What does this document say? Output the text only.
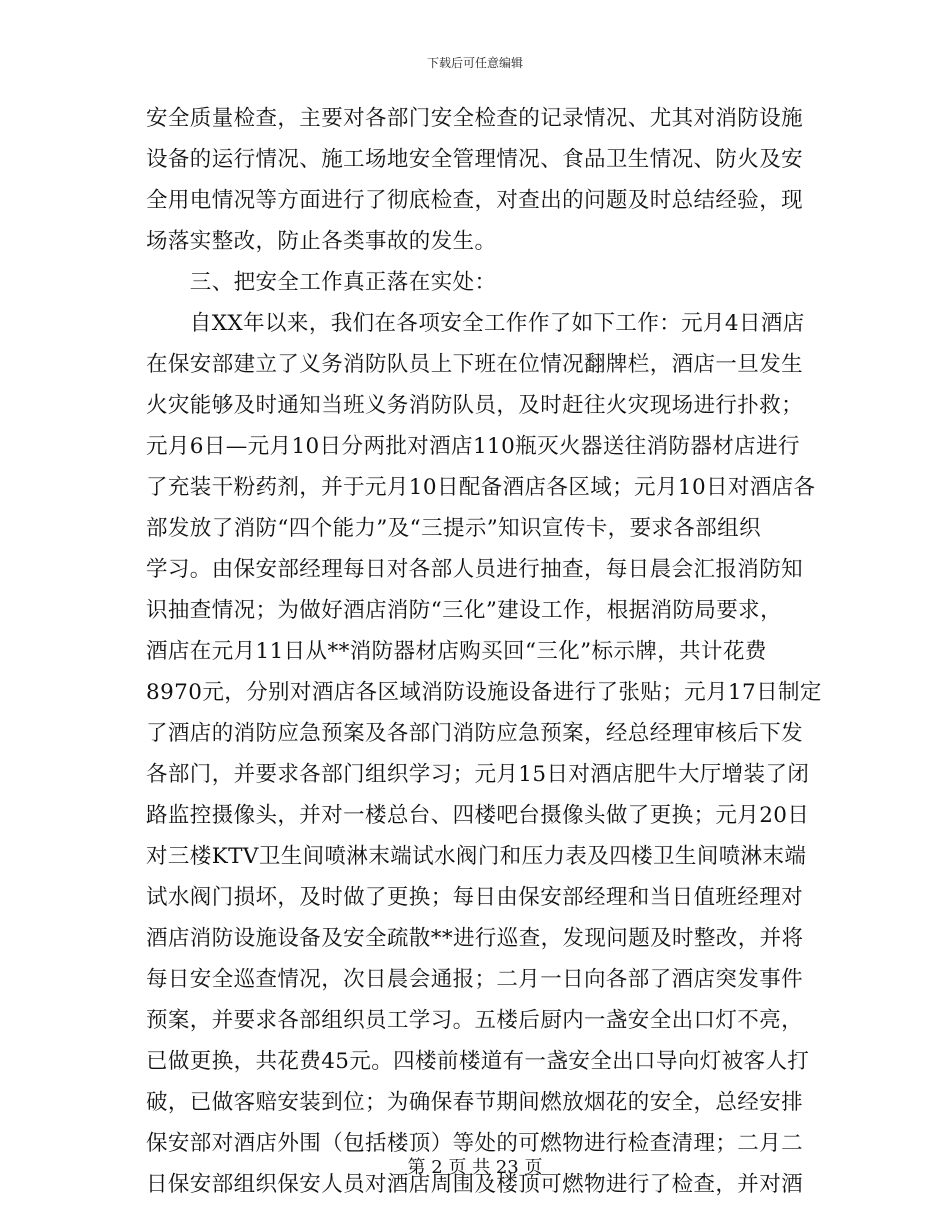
下载后可任意编辑
安全质量检查，主要对各部门安全检查的记录情况、尤其对消防设施
设备的运行情况、施工场地安全管理情况、食品卫生情况、防火及安
全用电情况等方面进行了彻底检查，对查出的问题及时总结经验，现
场落实整改，防止各类事故的发生。
　　三、把安全工作真正落在实处：
　　自XX年以来，我们在各项安全工作作了如下工作：元月4日酒店
在保安部建立了义务消防队员上下班在位情况翻牌栏，酒店一旦发生
火灾能够及时通知当班义务消防队员，及时赶往火灾现场进行扑救；
元月6日—元月10日分两批对酒店110瓶灭火器送往消防器材店进行
了充装干粉药剂，并于元月10日配备酒店各区域；元月10日对酒店各
部发放了消防“四个能力”及“三提示”知识宣传卡，要求各部组织
学习。由保安部经理每日对各部人员进行抽查，每日晨会汇报消防知
识抽查情况；为做好酒店消防“三化”建设工作，根据消防局要求，
酒店在元月11日从**消防器材店购买回“三化”标示牌，共计花费
8970元，分别对酒店各区域消防设施设备进行了张贴；元月17日制定
了酒店的消防应急预案及各部门消防应急预案，经总经理审核后下发
各部门，并要求各部门组织学习；元月15日对酒店肥牛大厅增装了闭
路监控摄像头，并对一楼总台、四楼吧台摄像头做了更换；元月20日
对三楼KTV卫生间喷淋末端试水阀门和压力表及四楼卫生间喷淋末端
试水阀门损坏，及时做了更换；每日由保安部经理和当日值班经理对
酒店消防设施设备及安全疏散**进行巡查，发现问题及时整改，并将
每日安全巡查情况，次日晨会通报；二月一日向各部了酒店突发事件
预案，并要求各部组织员工学习。五楼后厨内一盏安全出口灯不亮，
已做更换，共花费45元。四楼前楼道有一盏安全出口导向灯被客人打
破，已做客赔安装到位；为确保春节期间燃放烟花的安全，总经安排
保安部对酒店外围（包括楼顶）等处的可燃物进行检查清理；二月二
日保安部组织保安人员对酒店周围及楼顶可燃物进行了检查，并对酒
第 2 页 共 23 页
